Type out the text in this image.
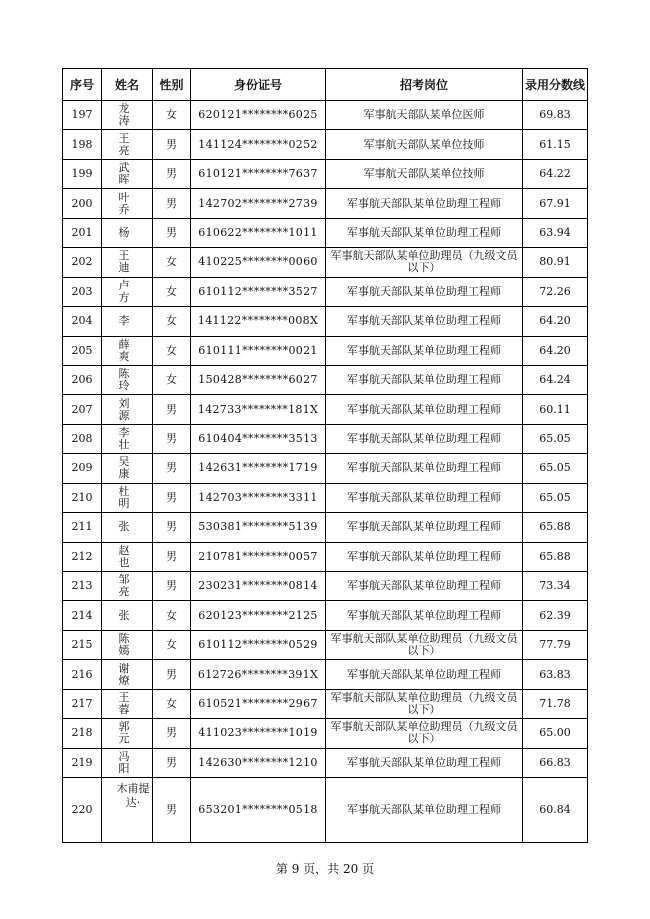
序号	姓名	性别	身份证号	招考岗位	录用分数线
197	龙涛	女	620121********6025	军事航天部队某单位医师	69.83
198	王亮	男	141124********0252	军事航天部队某单位技师	61.15
199	武晖	男	610121********7637	军事航天部队某单位技师	64.22
200	叶乔	男	142702********2739	军事航天部队某单位助理工程师	67.91
201	杨	男	610622********1011	军事航天部队某单位助理工程师	63.94
202	王迪	女	410225********0060	军事航天部队某单位助理员（九级文员以下）	80.91
203	卢方	女	610112********3527	军事航天部队某单位助理工程师	72.26
204	李	女	141122********008X	军事航天部队某单位助理工程师	64.20
205	薛爽	女	610111********0021	军事航天部队某单位助理工程师	64.20
206	陈玲	女	150428********6027	军事航天部队某单位助理工程师	64.24
207	刘源	男	142733********181X	军事航天部队某单位助理工程师	60.11
208	李壮	男	610404********3513	军事航天部队某单位助理工程师	65.05
209	吴康	男	142631********1719	军事航天部队某单位助理工程师	65.05
210	杜明	男	142703********3311	军事航天部队某单位助理工程师	65.05
211	张	男	530381********5139	军事航天部队某单位助理工程师	65.88
212	赵也	男	210781********0057	军事航天部队某单位助理工程师	65.88
213	邹亮	男	230231********0814	军事航天部队某单位助理工程师	73.34
214	张	女	620123********2125	军事航天部队某单位助理工程师	62.39
215	陈嫣	女	610112********0529	军事航天部队某单位助理员（九级文员以下）	77.79
216	谢燎	男	612726********391X	军事航天部队某单位助理工程师	63.83
217	王蓉	女	610521********2967	军事航天部队某单位助理员（九级文员以下）	71.78
218	郭元	男	411023********1019	军事航天部队某单位助理员（九级文员以下）	65.00
219	冯阳	男	142630********1210	军事航天部队某单位助理工程师	66.83
220	木甫提达·	男	653201********0518	军事航天部队某单位助理工程师	60.84
第 9 页，共 20 页
